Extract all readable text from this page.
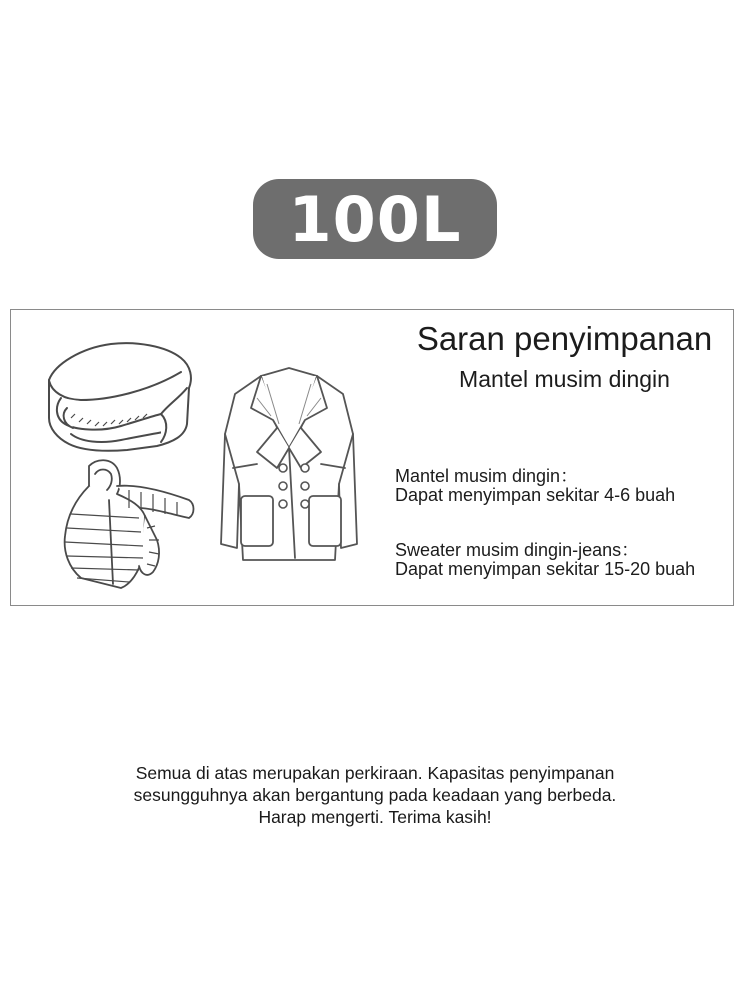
100L
Saran penyimpanan
Mantel musim dingin
Mantel musim dingin：
Dapat menyimpan sekitar 4-6 buah
Sweater musim dingin-jeans：
Dapat menyimpan sekitar 15-20 buah
Semua di atas merupakan perkiraan. Kapasitas penyimpanan
sesungguhnya akan bergantung pada keadaan yang berbeda.
Harap mengerti. Terima kasih!
